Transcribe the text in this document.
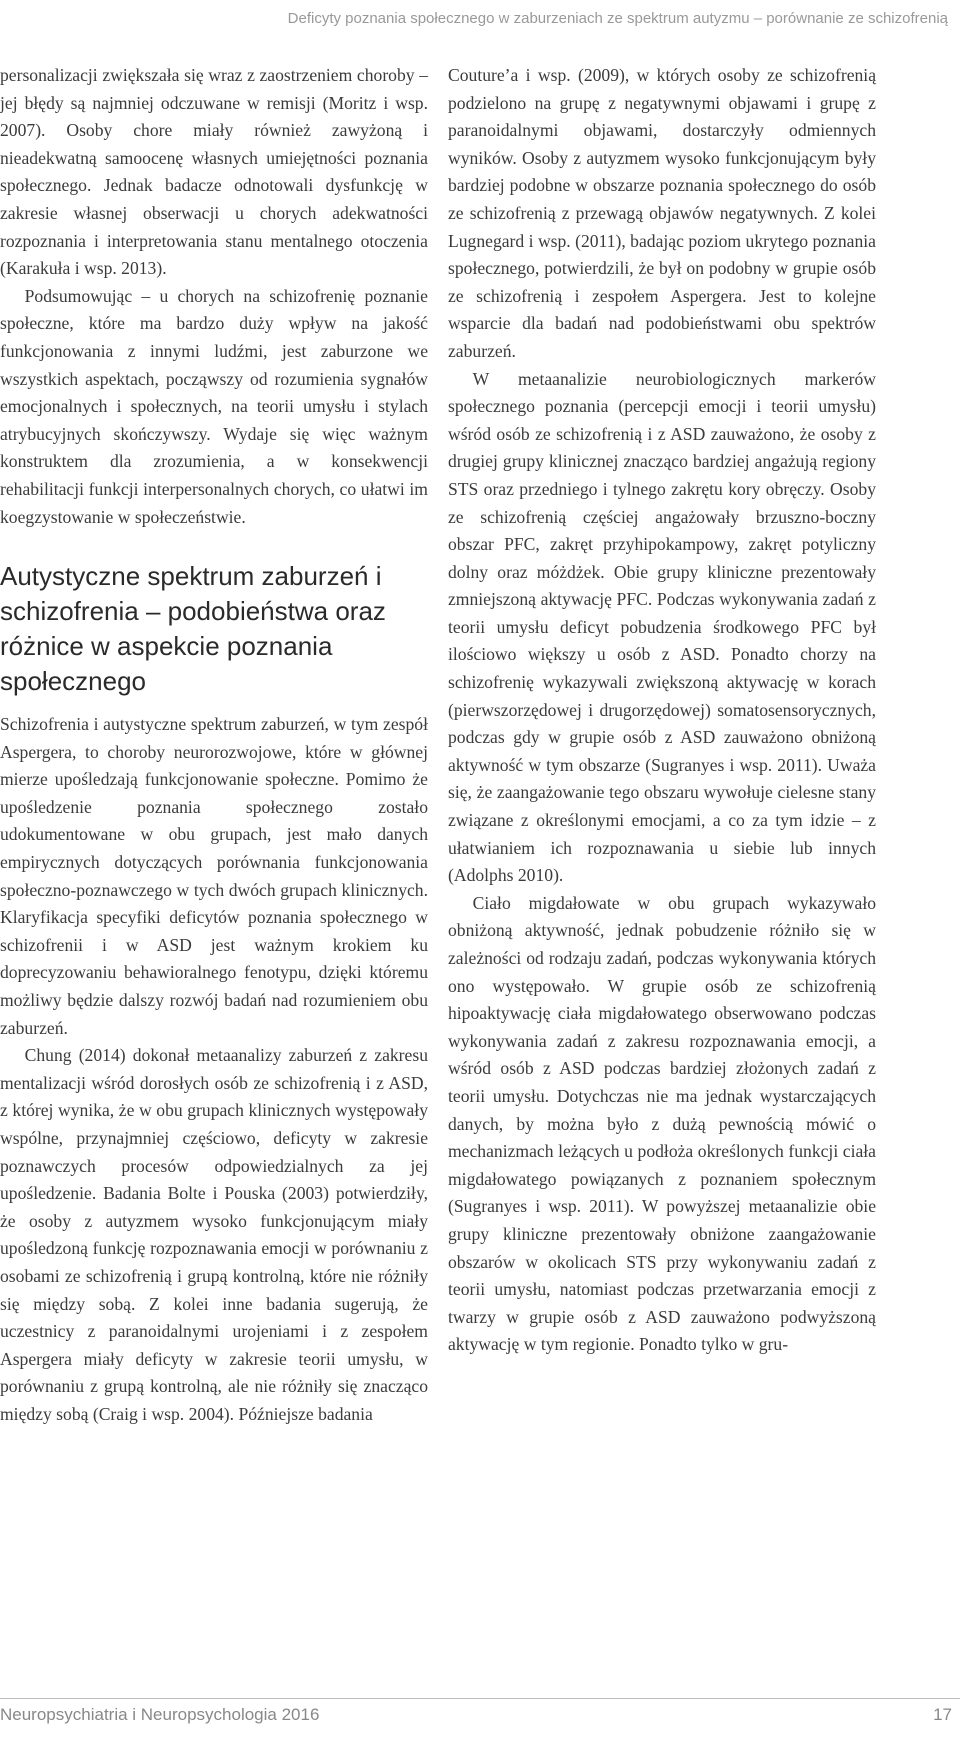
Deficyty poznania społecznego w zaburzeniach ze spektrum autyzmu – porównanie ze schizofrenią

personalizacji zwiększała się wraz z zaostrzeniem choroby – jej błędy są najmniej odczuwane w remisji (Moritz i wsp. 2007). Osoby chore miały również zawyżoną i nieadekwatną samoocenę własnych umiejętności poznania społecznego. Jednak badacze odnotowali dysfunkcję w zakresie własnej obserwacji u chorych adekwatności rozpoznania i interpretowania stanu mentalnego otoczenia (Karakuła i wsp. 2013).

Podsumowując – u chorych na schizofrenię poznanie społeczne, które ma bardzo duży wpływ na jakość funkcjonowania z innymi ludźmi, jest zaburzone we wszystkich aspektach, począwszy od rozumienia sygnałów emocjonalnych i społecznych, na teorii umysłu i stylach atrybucyjnych skończywszy. Wydaje się więc ważnym konstruktem dla zrozumienia, a w konsekwencji rehabilitacji funkcji interpersonalnych chorych, co ułatwi im koegzystowanie w społeczeństwie.

Autystyczne spektrum zaburzeń i schizofrenia – podobieństwa oraz różnice w aspekcie poznania społecznego

Schizofrenia i autystyczne spektrum zaburzeń, w tym zespół Aspergera, to choroby neurorozwojowe, które w głównej mierze upośledzają funkcjonowanie społeczne. Pomimo że upośledzenie poznania społecznego zostało udokumentowane w obu grupach, jest mało danych empirycznych dotyczących porównania funkcjonowania społeczno-poznawczego w tych dwóch grupach klinicznych. Klaryfikacja specyfiki deficytów poznania społecznego w schizofrenii i w ASD jest ważnym krokiem ku doprecyzowaniu behawioralnego fenotypu, dzięki któremu możliwy będzie dalszy rozwój badań nad rozumieniem obu zaburzeń.

Chung (2014) dokonał metaanalizy zaburzeń z zakresu mentalizacji wśród dorosłych osób ze schizofrenią i z ASD, z której wynika, że w obu grupach klinicznych występowały wspólne, przynajmniej częściowo, deficyty w zakresie poznawczych procesów odpowiedzialnych za jej upośledzenie. Badania Bolte i Pouska (2003) potwierdziły, że osoby z autyzmem wysoko funkcjonującym miały upośledzoną funkcję rozpoznawania emocji w porównaniu z osobami ze schizofrenią i grupą kontrolną, które nie różniły się między sobą. Z kolei inne badania sugerują, że uczestnicy z paranoidalnymi urojeniami i z zespołem Aspergera miały deficyty w zakresie teorii umysłu, w porównaniu z grupą kontrolną, ale nie różniły się znacząco między sobą (Craig i wsp. 2004). Późniejsze badania

Couture’a i wsp. (2009), w których osoby ze schizofrenią podzielono na grupę z negatywnymi objawami i grupę z paranoidalnymi objawami, dostarczyły odmiennych wyników. Osoby z autyzmem wysoko funkcjonującym były bardziej podobne w obszarze poznania społecznego do osób ze schizofrenią z przewagą objawów negatywnych. Z kolei Lugnegard i wsp. (2011), badając poziom ukrytego poznania społecznego, potwierdzili, że był on podobny w grupie osób ze schizofrenią i zespołem Aspergera. Jest to kolejne wsparcie dla badań nad podobieństwami obu spektrów zaburzeń.

W metaanalizie neurobiologicznych markerów społecznego poznania (percepcji emocji i teorii umysłu) wśród osób ze schizofrenią i z ASD zauważono, że osoby z drugiej grupy klinicznej znacząco bardziej angażują regiony STS oraz przedniego i tylnego zakrętu kory obręczy. Osoby ze schizofrenią częściej angażowały brzuszno-boczny obszar PFC, zakręt przyhipokampowy, zakręt potyliczny dolny oraz móżdżek. Obie grupy kliniczne prezentowały zmniejszoną aktywację PFC. Podczas wykonywania zadań z teorii umysłu deficyt pobudzenia środkowego PFC był ilościowo większy u osób z ASD. Ponadto chorzy na schizofrenię wykazywali zwiększoną aktywację w korach (pierwszorzędowej i drugorzędowej) somatosensorycznych, podczas gdy w grupie osób z ASD zauważono obniżoną aktywność w tym obszarze (Sugranyes i wsp. 2011). Uważa się, że zaangażowanie tego obszaru wywołuje cielesne stany związane z określonymi emocjami, a co za tym idzie – z ułatwianiem ich rozpoznawania u siebie lub innych (Adolphs 2010).

Ciało migdałowate w obu grupach wykazywało obniżoną aktywność, jednak pobudzenie różniło się w zależności od rodzaju zadań, podczas wykonywania których ono występowało. W grupie osób ze schizofrenią hipoaktywację ciała migdałowatego obserwowano podczas wykonywania zadań z zakresu rozpoznawania emocji, a wśród osób z ASD podczas bardziej złożonych zadań z teorii umysłu. Dotychczas nie ma jednak wystarczających danych, by można było z dużą pewnością mówić o mechanizmach leżących u podłoża określonych funkcji ciała migdałowatego powiązanych z poznaniem społecznym (Sugranyes i wsp. 2011). W powyższej metaanalizie obie grupy kliniczne prezentowały obniżone zaangażowanie obszarów w okolicach STS przy wykonywaniu zadań z teorii umysłu, natomiast podczas przetwarzania emocji z twarzy w grupie osób z ASD zauważono podwyższoną aktywację w tym regionie. Ponadto tylko w gru-

Neuropsychiatria i Neuropsychologia 2016	17
